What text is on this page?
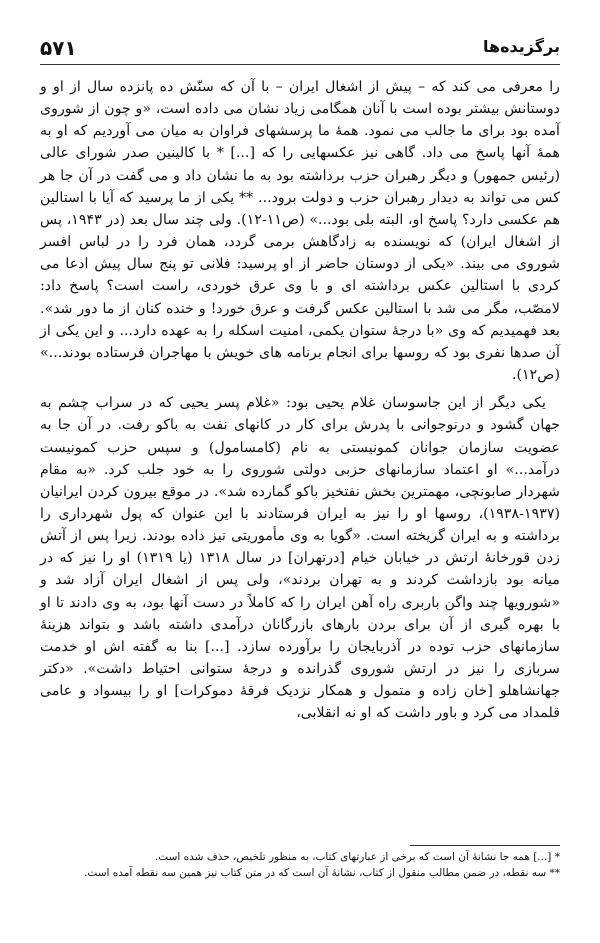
۵۷۱	برگزیده‌ها

را معرفی می کند که – پیش از اشغال ایران – با آن که سنّش ده پانزده سال از او و دوستانش بیشتر بوده است با آنان همگامی زیاد نشان می داده است، «و چون از شوروی آمده بود برای ما جالب می نمود. همهٔ ما پرسشهای فراوان به میان می آوردیم که او به همهٔ آنها پاسخ می داد. گاهی نیز عکسهایی را که [...] * با کالینین صدر شورای عالی (رئیس جمهور) و دیگر رهبران حزب برداشته بود به ما نشان داد و می گفت در آن جا هر کس می تواند به دیدار رهبران حزب و دولت برود... ** یکی از ما پرسید که آیا با استالین هم عکسی دارد؟ پاسخ او، البته بلی بود...» (ص۱۱-۱۲). ولی چند سال بعد (در ۱۹۴۳، پس از اشغال ایران) که نویسنده به زادگاهش برمی گردد، همان فرد را در لباس افسر شوروی می بیند. «یکی از دوستان حاضر از او پرسید: فلانی تو پنج سال پیش ادعا می کردی با استالین عکس برداشته ای و با وی عرق خوردی، راست است؟ پاسخ داد: لامصّب، مگر می شد با استالین عکس گرفت و عرق خورد! و خنده کنان از ما دور شد». بعد فهمیدیم که وی «با درجهٔ ستوان یکمی، امنیت اسکله را به عهده دارد... و این یکی از آن صدها نفری بود که روسها برای انجام برنامه های خویش با مهاجران فرستاده بودند...» (ص۱۲).

یکی دیگر از این جاسوسان غلام یحیی بود: «غلام پسر یحیی که در سراب چشم به جهان گشود و درنوجوانی با پدرش برای کار در کانهای نفت به باکو رفت. در آن جا به عضویت سازمان جوانان کمونیستی به نام (کامسامول) و سپس حزب کمونیست درآمد...» او اعتماد سازمانهای حزبی دولتی شوروی را به خود جلب کرد. «به مقام شهردار صابونچی، مهمترین بخش نفتخیز باکو گمارده شد». در موقع بیرون کردن ایرانیان (۱۹۳۷-۱۹۳۸)، روسها او را نیز به ایران فرستادند با این عنوان که پول شهرداری را برداشته و به ایران گریخته است. «گویا به وی مأموریتی نیز داده بودند. زیرا پس از آتش زدن قورخانهٔ ارتش در خیابان خیام [درتهران] در سال ۱۳۱۸ (یا ۱۳۱۹) او را نیز که در میانه بود بازداشت کردند و به تهران بردند»، ولی پس از اشغال ایران آزاد شد و «شورویها چند واگن باربری راه آهن ایران را که کاملاً در دست آنها بود، به وی دادند تا او با بهره گیری از آن برای بردن بارهای بازرگانان درآمدی داشته باشد و بتواند هزینهٔ سازمانهای حزب توده در آذربایجان را برآورده سازد. [...] بنا به گفته اش او خدمت سربازی را نیز در ارتش شوروی گذرانده و درجهٔ ستوانی احتیاط داشت». «دکتر جهانشاهلو [خان زاده و متمول و همکار نزدیک فرقهٔ دموکرات] او را بیسواد و عامی قلمداد می کرد و باور داشت که او نه انقلابی،

* [...] همه جا نشانهٔ آن است که برخی از عبارتهای کتاب، به منظور تلخیص، حذف شده است.

** سه نقطه، در ضمن مطالب منقول از کتاب، نشانهٔ آن است که در متن کتاب نیز همین سه نقطه آمده است.
